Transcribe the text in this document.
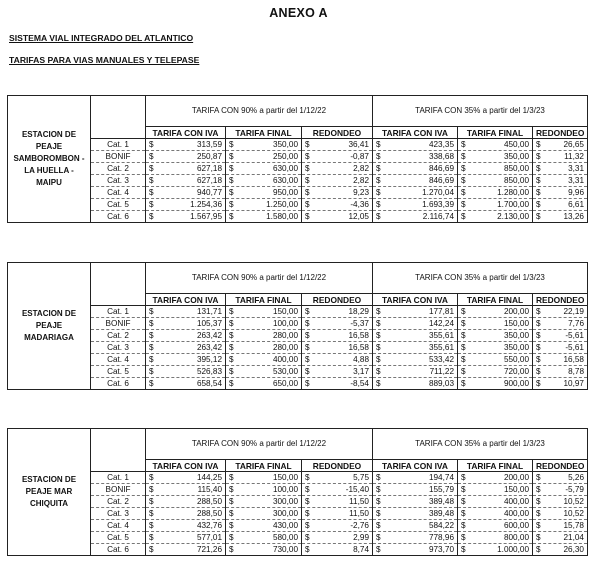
ANEXO A
SISTEMA VIAL INTEGRADO DEL ATLANTICO
TARIFAS PARA VIAS MANUALES Y TELEPASE
ESTACION DE PEAJE SAMBOROMBON - LA HUELLA - MAIPU		TARIFA CON 90% a partir del 1/12/22			TARIFA CON 35% a partir del 1/3/23		
		TARIFA CON IVA	TARIFA FINAL	REDONDEO	TARIFA CON IVA	TARIFA FINAL	REDONDEO
	Cat. 1	$ 313,59	$ 350,00	$ 36,41	$ 423,35	$ 450,00	$ 26,65

	BONIF	$ 250,87	$ 250,00	$ -0,87	$ 338,68	$ 350,00	$ 11,32

	Cat. 2	$ 627,18	$ 630,00	$ 2,82	$ 846,69	$ 850,00	$ 3,31

	Cat. 3	$ 627,18	$ 630,00	$ 2,82	$ 846,69	$ 850,00	$ 3,31

	Cat. 4	$ 940,77	$ 950,00	$ 9,23	$ 1.270,04	$ 1.280,00	$ 9,96

	Cat. 5	$ 1.254,36	$ 1.250,00	$ -4,36	$ 1.693,39	$ 1.700,00	$ 6,61

	Cat. 6	$ 1.567,95	$ 1.580,00	$ 12,05	$ 2.116,74	$ 2.130,00	$ 13,26
ESTACION DE PEAJE MADARIAGA		TARIFA CON 90% a partir del 1/12/22			TARIFA CON 35% a partir del 1/3/23		
		TARIFA CON IVA	TARIFA FINAL	REDONDEO	TARIFA CON IVA	TARIFA FINAL	REDONDEO
	Cat. 1	$ 131,71	$ 150,00	$ 18,29	$ 177,81	$ 200,00	$ 22,19

	BONIF	$ 105,37	$ 100,00	$ -5,37	$ 142,24	$ 150,00	$ 7,76

	Cat. 2	$ 263,42	$ 280,00	$ 16,58	$ 355,61	$ 350,00	$ -5,61

	Cat. 3	$ 263,42	$ 280,00	$ 16,58	$ 355,61	$ 350,00	$ -5,61

	Cat. 4	$ 395,12	$ 400,00	$ 4,88	$ 533,42	$ 550,00	$ 16,58

	Cat. 5	$ 526,83	$ 530,00	$ 3,17	$ 711,22	$ 720,00	$ 8,78

	Cat. 6	$ 658,54	$ 650,00	$ -8,54	$ 889,03	$ 900,00	$ 10,97
ESTACION DE PEAJE MAR CHIQUITA		TARIFA CON 90% a partir del 1/12/22			TARIFA CON 35% a partir del 1/3/23		
		TARIFA CON IVA	TARIFA FINAL	REDONDEO	TARIFA CON IVA	TARIFA FINAL	REDONDEO
	Cat. 1	$ 144,25	$ 150,00	$ 5,75	$ 194,74	$ 200,00	$ 5,26

	BONIF	$ 115,40	$ 100,00	$ -15,40	$ 155,79	$ 150,00	$ -5,79

	Cat. 2	$ 288,50	$ 300,00	$ 11,50	$ 389,48	$ 400,00	$ 10,52

	Cat. 3	$ 288,50	$ 300,00	$ 11,50	$ 389,48	$ 400,00	$ 10,52

	Cat. 4	$ 432,76	$ 430,00	$ -2,76	$ 584,22	$ 600,00	$ 15,78

	Cat. 5	$ 577,01	$ 580,00	$ 2,99	$ 778,96	$ 800,00	$ 21,04

	Cat. 6	$ 721,26	$ 730,00	$ 8,74	$ 973,70	$ 1.000,00	$ 26,30
